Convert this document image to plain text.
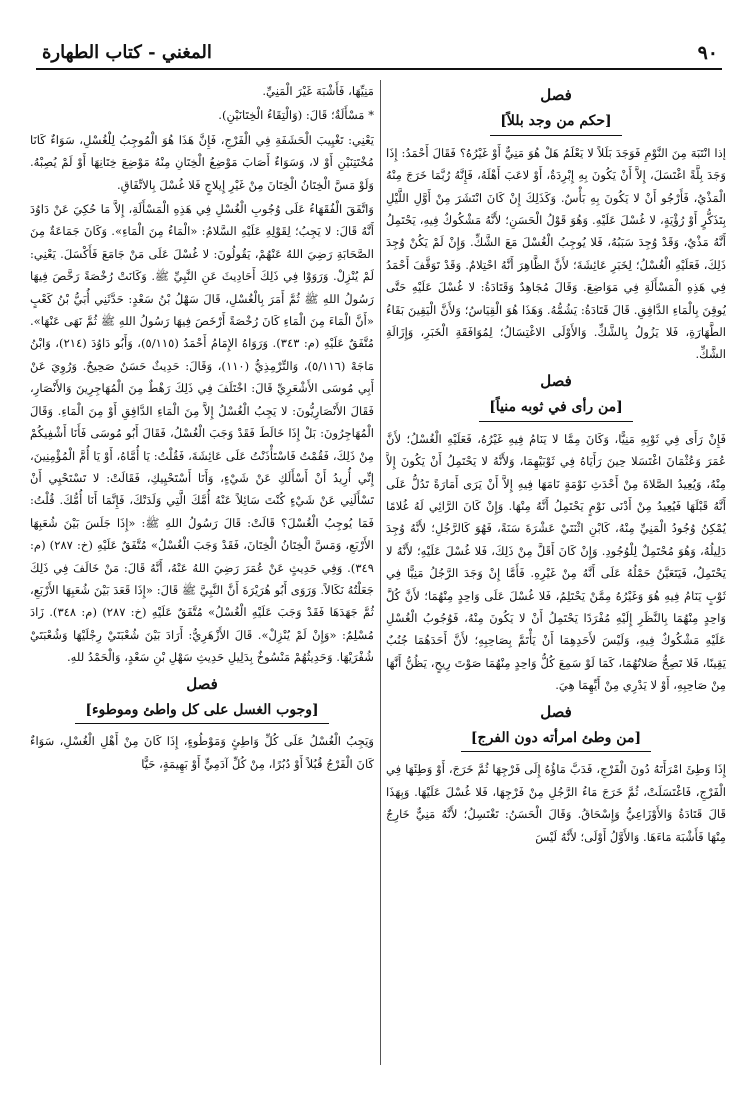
٩٠
المغني - كتاب الطهارة
فصل
[حكم من وجد بللاً]

إذا انْتَبَهَ مِنَ النَّوْمِ فَوَجَدَ بَلَلاً لا يَعْلَمُ هَلْ هُوَ مَنِيٌّ أَوْ غَيْرُهُ؟ فَقَالَ أَحْمَدُ: إِذَا وَجَدَ بِلَّةً اغْتَسَلَ، إِلاَّ أَنْ يَكُونَ بِهِ إِبْرِدَةٌ، أَوْ لاعَبَ أَهْلَهُ، فَإِنَّهُ رُبَّمَا خَرَجَ مِنْهُ الْمَذْيُ، فَأَرْجُو أَنْ لا يَكُونَ بِهِ بَأْسٌ. وَكَذَلِكَ إِنْ كَانَ انْتَشَرَ مِنْ أَوَّلِ اللَّيْلِ بِتَذَكُّرٍ أَوْ رُؤْيَةٍ، لا غُسْلَ عَلَيْهِ. وَهُوَ قَوْلُ الْحَسَنِ؛ لأَنَّهُ مَشْكُوكٌ فِيهِ، يَحْتَمِلُ أَنَّهُ مَذْيٌ، وَقَدْ وُجِدَ سَبَبُهُ، فَلا يُوجِبُ الْغُسْلَ مَعَ الشَّكِّ. وَإِنْ لَمْ يَكُنْ وُجِدَ ذَلِكَ، فَعَلَيْهِ الْغُسْلُ؛ لِخَبَرِ عَائِشَةَ؛ لأَنَّ الظَّاهِرَ أَنَّهُ احْتِلامٌ. وَقَدْ تَوَقَّفَ أَحْمَدُ فِي هَذِهِ الْمَسْأَلَةِ فِي مَوَاضِعَ. وَقَالَ مُجَاهِدٌ وَقَتَادَةُ: لا غُسْلَ عَلَيْهِ حَتَّى يُوقِنَ بِالْمَاءِ الدَّافِقِ. قَالَ قَتَادَةُ: يَشُمُّهُ. وَهَذَا هُوَ الْقِيَاسُ؛ وَلأَنَّ الْيَقِينَ بَقَاءُ الطَّهَارَةِ، فَلا يَزُولُ بِالشَّكِّ. وَالأَوْلَى الاغْتِسَالُ؛ لِمُوَافَقَةِ الْخَبَرِ، وَإِزَالَةِ الشَّكِّ.

فصل
[من رأى في ثوبه منياً]

فَإِنْ رَأَى فِي ثَوْبِهِ مَنِيًّا، وَكَانَ مِمَّا لا يَنَامُ فِيهِ غَيْرُهُ، فَعَلَيْهِ الْغُسْلُ؛ لأَنَّ عُمَرَ وَعُثْمَانَ اغْتَسَلا حِينَ رَأَيَاهُ فِي ثَوْبَيْهِمَا، وَلأَنَّهُ لا يَحْتَمِلُ أَنْ يَكُونَ إِلاَّ مِنْهُ، وَيُعِيدُ الصَّلاةَ مِنْ أَحْدَثِ نَوْمَةٍ نَامَهَا فِيهِ إِلاَّ أَنْ يَرَى أَمَارَةً تَدُلُّ عَلَى أَنَّهُ قَبْلَهَا فَيُعِيدُ مِنْ أَدْنَى نَوْمٍ يَحْتَمِلُ أَنَّهُ مِنْهَا. وَإِنْ كَانَ الرَّائِي لَهُ غُلامًا يُمْكِنُ وُجُودُ الْمَنِيِّ مِنْهُ، كَابْنِ اثْنَتَيْ عَشْرَةَ سَنَةً، فَهُوَ كَالرَّجُلِ؛ لأَنَّهُ وُجِدَ دَلِيلُهُ، وَهُوَ مُحْتَمِلٌ لِلْوُجُودِ. وَإِنْ كَانَ أَقَلَّ مِنْ ذَلِكَ، فَلا غُسْلَ عَلَيْهِ؛ لأَنَّهُ لا يَحْتَمِلُ، فَيَتَعَيَّنُ حَمْلُهُ عَلَى أَنَّهُ مِنْ غَيْرِهِ. فَأَمَّا إِنْ وَجَدَ الرَّجُلُ مَنِيًّا فِي ثَوْبٍ يَنَامُ فِيهِ هُوَ وَغَيْرُهُ مِمَّنْ يَحْتَلِمُ، فَلا غُسْلَ عَلَى وَاحِدٍ مِنْهُمَا؛ لأَنَّ كُلَّ وَاحِدٍ مِنْهُمَا بِالنَّظَرِ إِلَيْهِ مُفْرَدًا يَحْتَمِلُ أَنْ لا يَكُونَ مِنْهُ، فَوُجُوبُ الْغُسْلِ عَلَيْهِ مَشْكُوكٌ فِيهِ، وَلَيْسَ لأَحَدِهِمَا أَنْ يَأْتَمَّ بِصَاحِبِهِ؛ لأَنَّ أَحَدَهُمَا جُنُبٌ يَقِينًا، فَلا تَصِحُّ صَلاتُهُمَا، كَمَا لَوْ سَمِعَ كُلُّ وَاحِدٍ مِنْهُمَا صَوْتَ رِيحٍ، يَظُنُّ أَنَّهَا مِنْ صَاحِبِهِ، أَوْ لا يَدْرِي مِنْ أَيِّهِمَا هِيَ.

فصل
[من وطئ امرأته دون الفرج]

إِذَا وَطِئَ امْرَأَتَهُ دُونَ الْفَرْجِ، فَدَبَّ مَاؤُهُ إِلَى فَرْجِهَا ثُمَّ خَرَجَ، أَوْ وَطِئَهَا فِي الْفَرْجِ، فَاغْتَسَلَتْ، ثُمَّ خَرَجَ مَاءُ الرَّجُلِ مِنْ فَرْجِهَا، فَلا غُسْلَ عَلَيْهَا. وَبِهَذَا قَالَ قَتَادَةُ وَالأَوْزَاعِيُّ وَإِسْحَاقُ. وَقَالَ الْحَسَنُ: تَغْتَسِلُ؛ لأَنَّهُ مَنِيٌّ خَارِجٌ مِنْهَا فَأَشْبَهَ مَاءَهَا. وَالأَوَّلُ أَوْلَى؛ لأَنَّهُ لَيْسَ

مَنِيِّهَا، فَأَشْبَهَ غَيْرَ الْمَنِيِّ.

* مَسْأَلَةٌ؛ قَالَ: (وَالْتِقَاءُ الْخِتَانَيْنِ).

يَعْنِي: تَغْيِيبَ الْحَشَفَةِ فِي الْفَرْجِ، فَإِنَّ هَذَا هُوَ الْمُوجِبُ لِلْغُسْلِ، سَوَاءٌ كَانَا مُخْتَتِنَيْنِ أَوْ لا، وَسَوَاءٌ أَصَابَ مَوْضِعُ الْخِتَانِ مِنْهُ مَوْضِعَ خِتَانِهَا أَوْ لَمْ يُصِبْهُ. وَلَوْ مَسَّ الْخِتَانُ الْخِتَانَ مِنْ غَيْرِ إِيلاجٍ فَلا غُسْلَ بِالاتِّفَاقِ.

وَاتَّفَقَ الْفُقَهَاءُ عَلَى وُجُوبِ الْغُسْلِ فِي هَذِهِ الْمَسْأَلَةِ، إِلاَّ مَا حُكِيَ عَنْ دَاوُدَ أَنَّهُ قَالَ: لا يَجِبُ؛ لِقَوْلِهِ عَلَيْهِ السَّلامُ: «الْمَاءُ مِنَ الْمَاءِ». وَكَانَ جَمَاعَةٌ مِنَ الصَّحَابَةِ رَضِيَ اللهُ عَنْهُمْ، يَقُولُونَ: لا غُسْلَ عَلَى مَنْ جَامَعَ فَأَكْسَلَ. يَعْنِي: لَمْ يُنْزِلْ. وَرَوَوْا فِي ذَلِكَ أَحَادِيثَ عَنِ النَّبِيِّ ﷺ. وَكَانَتْ رُخْصَةً رَخَّصَ فِيهَا رَسُولُ اللهِ ﷺ ثُمَّ أَمَرَ بِالْغُسْلِ، قَالَ سَهْلُ بْنُ سَعْدٍ: حَدَّثَنِي أُبَيُّ بْنُ كَعْبٍ «أَنَّ الْمَاءَ مِنَ الْمَاءِ كَانَ رُخْصَةً أَرْخَصَ فِيهَا رَسُولُ اللهِ ﷺ ثُمَّ نَهَى عَنْهَا». مُتَّفَقٌ عَلَيْهِ (م: ٣٤٣). وَرَوَاهُ الإِمَامُ أَحْمَدُ (٥/١١٥)، وَأَبُو دَاوُدَ (٢١٤)، وَابْنُ مَاجَهْ (٥/١١٦)، وَالتِّرْمِذِيُّ (١١٠)، وَقَالَ: حَدِيثٌ حَسَنٌ صَحِيحٌ. وَرُوِيَ عَنْ أَبِي مُوسَى الأَشْعَرِيِّ قَالَ: اخْتَلَفَ فِي ذَلِكَ رَهْطٌ مِنَ الْمُهَاجِرِينَ وَالأَنْصَارِ، فَقَالَ الأَنْصَارِيُّونَ: لا يَجِبُ الْغُسْلُ إِلاَّ مِنَ الْمَاءِ الدَّافِقِ أَوْ مِنَ الْمَاءِ. وَقَالَ الْمُهَاجِرُونَ: بَلْ إِذَا خَالَطَ فَقَدْ وَجَبَ الْغُسْلُ، فَقَالَ أَبُو مُوسَى فَأَنَا أَشْفِيكُمْ مِنْ ذَلِكَ، فَقُمْتُ فَاسْتَأْذَنْتُ عَلَى عَائِشَةَ، فَقُلْتُ: يَا أُمَّاهُ، أَوْ يَا أُمَّ الْمُؤْمِنِينَ، إِنِّي أُرِيدُ أَنْ أَسْأَلَكِ عَنْ شَيْءٍ، وَأَنَا أَسْتَحْيِيكِ، فَقَالَتْ: لا تَسْتَحْيِي أَنْ تَسْأَلَنِي عَنْ شَيْءٍ كُنْتَ سَائِلاً عَنْهُ أُمَّكَ الَّتِي وَلَدَتْكَ، فَإِنَّمَا أَنَا أُمُّكَ. قُلْتُ: فَمَا يُوجِبُ الْغُسْلَ؟ قَالَتْ: قَالَ رَسُولُ اللهِ ﷺ: «إِذَا جَلَسَ بَيْنَ شُعَبِهَا الأَرْبَعِ، وَمَسَّ الْخِتَانُ الْخِتَانَ، فَقَدْ وَجَبَ الْغُسْلُ» مُتَّفَقٌ عَلَيْهِ (خ: ٢٨٧) (م: ٣٤٩). وَفِي حَدِيثٍ عَنْ عُمَرَ رَضِيَ اللهُ عَنْهُ، أَنَّهُ قَالَ: مَنْ خَالَفَ فِي ذَلِكَ جَعَلْتُهُ نَكَالاً. وَرَوَى أَبُو هُرَيْرَةَ أَنَّ النَّبِيَّ ﷺ قَالَ: «إِذَا قَعَدَ بَيْنَ شُعَبِهَا الأَرْبَعِ، ثُمَّ جَهَدَهَا فَقَدْ وَجَبَ عَلَيْهِ الْغُسْلُ» مُتَّفَقٌ عَلَيْهِ (خ: ٢٨٧) (م: ٣٤٨). زَادَ مُسْلِمٌ: «وَإِنْ لَمْ يُنْزِلْ». قَالَ الأَزْهَرِيُّ: أَرَادَ بَيْنَ شُعْبَتَيْ رِجْلَيْهَا وَشُعْبَتَيْ شُفْرَيْهَا. وَحَدِيثُهُمْ مَنْسُوخٌ بِدَلِيلِ حَدِيثِ سَهْلِ بْنِ سَعْدٍ، وَالْحَمْدُ للهِ.

فصل
[وجوب الغسل على كل واطئ وموطوء]

وَيَجِبُ الْغُسْلُ عَلَى كُلِّ وَاطِئٍ وَمَوْطُوءٍ، إِذَا كَانَ مِنْ أَهْلِ الْغُسْلِ، سَوَاءٌ كَانَ الْفَرْجُ قُبُلاً أَوْ دُبُرًا، مِنْ كُلِّ آدَمِيٍّ أَوْ بَهِيمَةٍ، حَيًّا
